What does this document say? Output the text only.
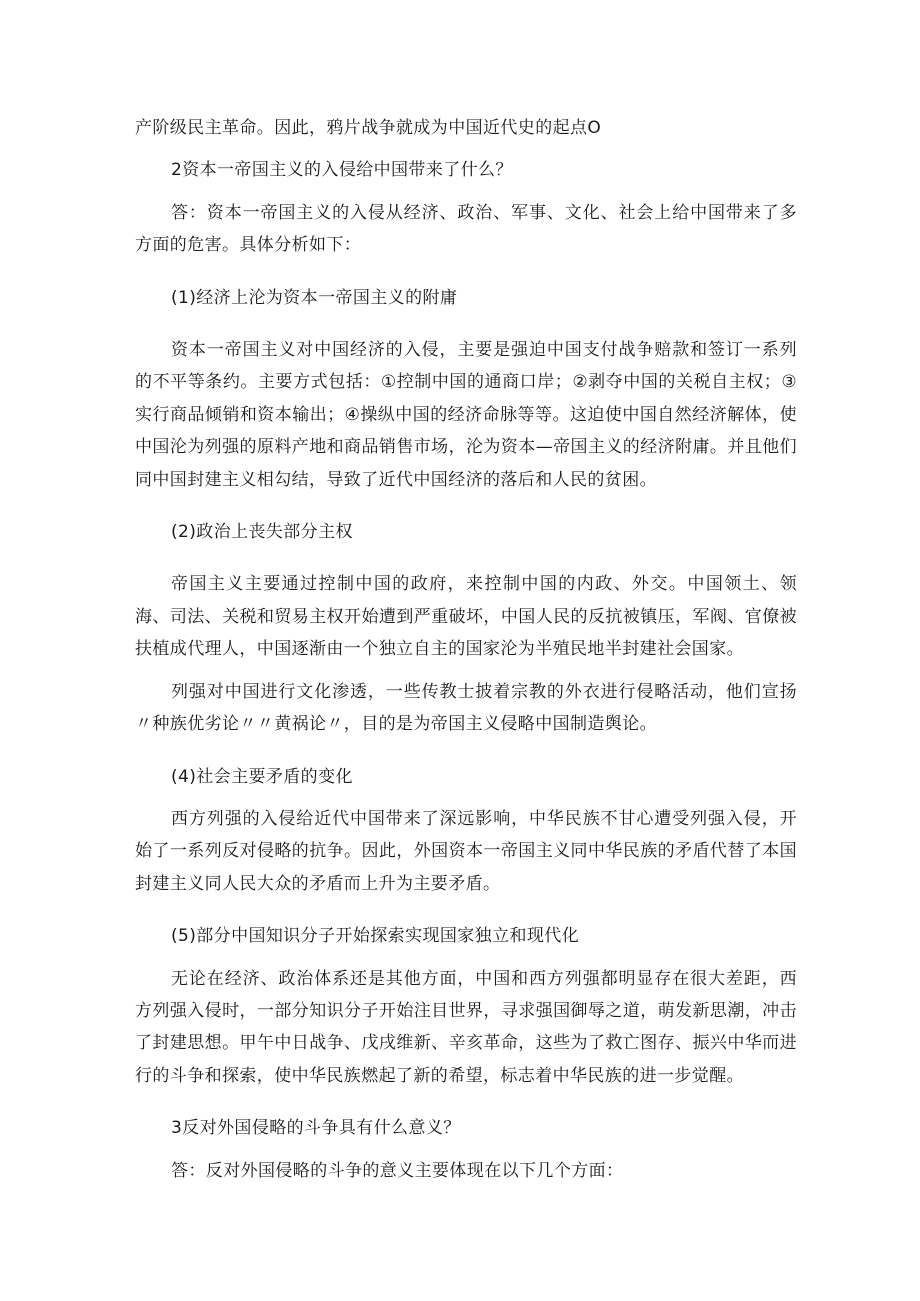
产阶级民主革命。因此，鸦片战争就成为中国近代史的起点O

2资本一帝国主义的入侵给中国带来了什么？

答：资本一帝国主义的入侵从经济、政治、军事、文化、社会上给中国带来了多方面的危害。具体分析如下：

(1)经济上沦为资本一帝国主义的附庸

资本一帝国主义对中国经济的入侵，主要是强迫中国支付战争赔款和签订一系列的不平等条约。主要方式包括：①控制中国的通商口岸；②剥夺中国的关税自主权；③实行商品倾销和资本输出；④操纵中国的经济命脉等等。这迫使中国自然经济解体，使中国沦为列强的原料产地和商品销售市场，沦为资本—帝国主义的经济附庸。并且他们同中国封建主义相勾结，导致了近代中国经济的落后和人民的贫困。

(2)政治上丧失部分主权

帝国主义主要通过控制中国的政府，来控制中国的内政、外交。中国领土、领海、司法、关税和贸易主权开始遭到严重破坏，中国人民的反抗被镇压，军阀、官僚被扶植成代理人，中国逐渐由一个独立自主的国家沦为半殖民地半封建社会国家。

列强对中国进行文化渗透，一些传教士披着宗教的外衣进行侵略活动，他们宣扬〃种族优劣论〃〃黄祸论〃，目的是为帝国主义侵略中国制造舆论。

(4)社会主要矛盾的变化

西方列强的入侵给近代中国带来了深远影响，中华民族不甘心遭受列强入侵，开始了一系列反对侵略的抗争。因此，外国资本一帝国主义同中华民族的矛盾代替了本国封建主义同人民大众的矛盾而上升为主要矛盾。

(5)部分中国知识分子开始探索实现国家独立和现代化

无论在经济、政治体系还是其他方面，中国和西方列强都明显存在很大差距，西方列强入侵时，一部分知识分子开始注目世界，寻求强国御辱之道，萌发新思潮，冲击了封建思想。甲午中日战争、戊戌维新、辛亥革命，这些为了救亡图存、振兴中华而进行的斗争和探索，使中华民族燃起了新的希望，标志着中华民族的进一步觉醒。

3反对外国侵略的斗争具有什么意义？

答：反对外国侵略的斗争的意义主要体现在以下几个方面：
